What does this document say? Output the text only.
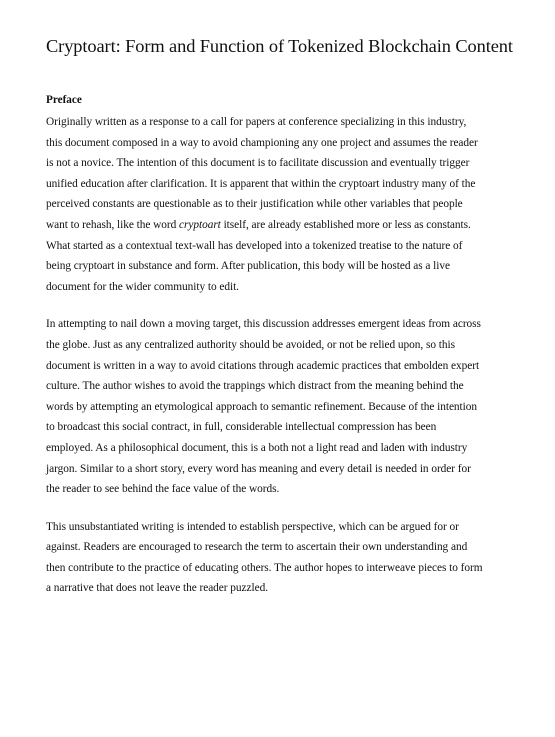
Cryptoart: Form and Function of Tokenized Blockchain Content
Preface

Originally written as a response to a call for papers at conference specializing in this industry,
this document composed in a way to avoid championing any one project and assumes the reader
is not a novice. The intention of this document is to facilitate discussion and eventually trigger
unified education after clarification. It is apparent that within the cryptoart industry many of the
perceived constants are questionable as to their justification while other variables that people
want to rehash, like the word cryptoart itself, are already established more or less as constants.
What started as a contextual text-wall has developed into a tokenized treatise to the nature of
being cryptoart in substance and form. After publication, this body will be hosted as a live
document for the wider community to edit.

In attempting to nail down a moving target, this discussion addresses emergent ideas from across
the globe. Just as any centralized authority should be avoided, or not be relied upon, so this
document is written in a way to avoid citations through academic practices that embolden expert
culture. The author wishes to avoid the trappings which distract from the meaning behind the
words by attempting an etymological approach to semantic refinement. Because of the intention
to broadcast this social contract, in full, considerable intellectual compression has been
employed. As a philosophical document, this is a both not a light read and laden with industry
jargon. Similar to a short story, every word has meaning and every detail is needed in order for
the reader to see behind the face value of the words.

This unsubstantiated writing is intended to establish perspective, which can be argued for or
against. Readers are encouraged to research the term to ascertain their own understanding and
then contribute to the practice of educating others. The author hopes to interweave pieces to form
a narrative that does not leave the reader puzzled.
